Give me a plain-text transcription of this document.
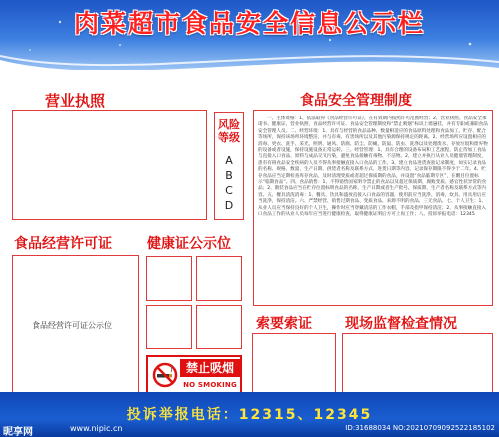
肉菜超市食品安全信息公示栏
营业执照
风险等级
A
B
C
D
食品安全管理制度
一、主体资格：1、依法取得《食品经营许可证》，在有效期内按照许可范围经营；2、营业执照、食品安全承诺书、健康证、营业执照、食品经营许可证、食品安全管理制度和“禁止吸烟”标识上墙悬挂，并有专职或兼职食品安全管理人员。二、经营环境：1、具有与经营的食品品种、数量相适应的食品原料处理和食品加工、贮存、配合等场所，保持该场所环境整洁，并与有毒、有害场所以及其他污染源保持规定的距离。2、经营场所应设置相应的消毒、更衣、洗手、采光、照明、通风、防腐、防尘、防蝇、防鼠、防虫、洗涤以及处理废水、存放垃圾和废弃物的设备或者设施，保持设施设备正常运转。三、经营管理：1、具有合理的设备布局和工艺流程，防止待加工食品与直接入口食品、原料与成品交叉污染，避免食品接触有毒物、不洁物。2、建立并执行从业人员健康管理制度，患有有碍食品安全疾病的人员不得从事接触直接入口食品的工作。3、建立食品进货查验记录制度，如实记录食品的名称、规格、数量、生产日期、供货者名称及联系方式、进货日期等内容，记录保存期限不得少于二年。4、贮存食品应当定期检查库存食品，及时清理变质或者超过保质期的食品，并设置“食品临期专区”，在醒目位置标示“临期食品”。四、食品销售：1、不得销售国家明令禁止的食品以及超过保质期、腐败变质、感官性状异常的食品；2、散装食品应当在贮存位置标明食品的名称、生产日期或者生产批号、保质期、生产者名称及联系方式等内容。五、餐具清洗消毒：1、餐具、饮具和盛放直接入口食品的容器，使用前应当洗净、消毒，炊具、用具用后应当洗净，保持清洁。六、严禁经营、销售过期食品、变质食品、来源不明的食品、三无食品。七、个人卫生：1、从业人员应当保持良好的个人卫生，操作时应当穿戴清洁的工作衣帽，手部及指甲保持清洁；2、从事接触直接入口食品工作的从业人员每年应当进行健康检查，取得健康证明后方可上岗工作；八、投诉举报电话：12345
食品经营许可证	健康证公示位
食品经营许可证公示位
禁止吸烟
NO SMOKING
索要索证 现场监督检查情况
投诉举报电话：12315、12345
昵享网	www.nipic.cn	ID:31688034 NO:20210709092522185102
